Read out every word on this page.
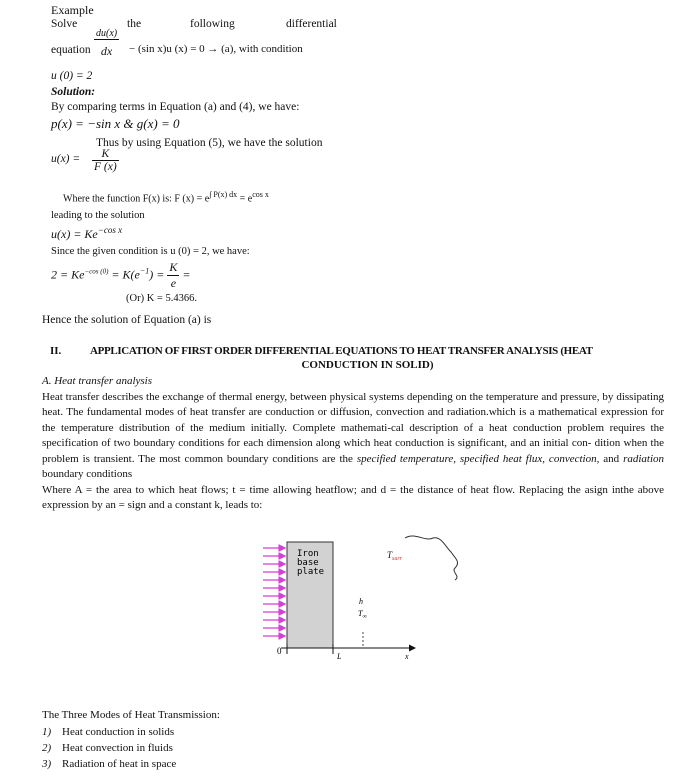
Example
Solve	the	following	differential
equation $\frac{du(x)}{dx} - (\sin$ x)u (x) = 0 → (a), with condition
u (0) = 2
Solution:
By comparing terms in Equation (a) and (4), we have:
p(x) = −sin x & g(x) = 0
Thus by using Equation (5), we have the solution
$u(x) = \frac{K}{F (x)}$
Where the function F(x) is: F $(x) = e^{\int P(x) dx} = e^{cos x}$
leading to the solution
$u(x) = Ke^{-cos x}$
Since the given condition is u (0) = 2, we have:
$2 = Ke^{-cos (0)} = K(e^{-1}) = \frac{K}{e}$ =
(Or) K = 5.4366.
Hence the solution of Equation (a) is
II.	APPLICATION OF FIRST ORDER DIFFERENTIAL EQUATIONS TO HEAT TRANSFER ANALYSIS (HEAT
CONDUCTION IN SOLID)
A. Heat transfer analysis
Heat transfer describes the exchange of thermal energy, between physical systems depending on the temperature and pressure, by dissipating heat. The fundamental modes of heat transfer are conduction or diffusion, convection and radiation.which is a mathematical expression for the temperature distribution of the medium initially. Complete mathemati-cal description of a heat conduction problem requires the specification of two boundary conditions for each dimension along which heat conduction is significant, and an initial con- dition when the problem is transient. The most common boundary conditions are the specified temperature, specified heat flux, convection, and radiation boundary conditions
Where A = the area to which heat flows; t = time allowing heatflow; and d = the distance of heat flow. Replacing the asign inthe above expression by an = sign and a constant k, leads to:
Iron
base
plate
$T_{surr}$
h
$T_\infty$
0
L	x
The Three Modes of Heat Transmission:
1) Heat conduction in solids
2) Heat convection in fluids
3) Radiation of heat in space
